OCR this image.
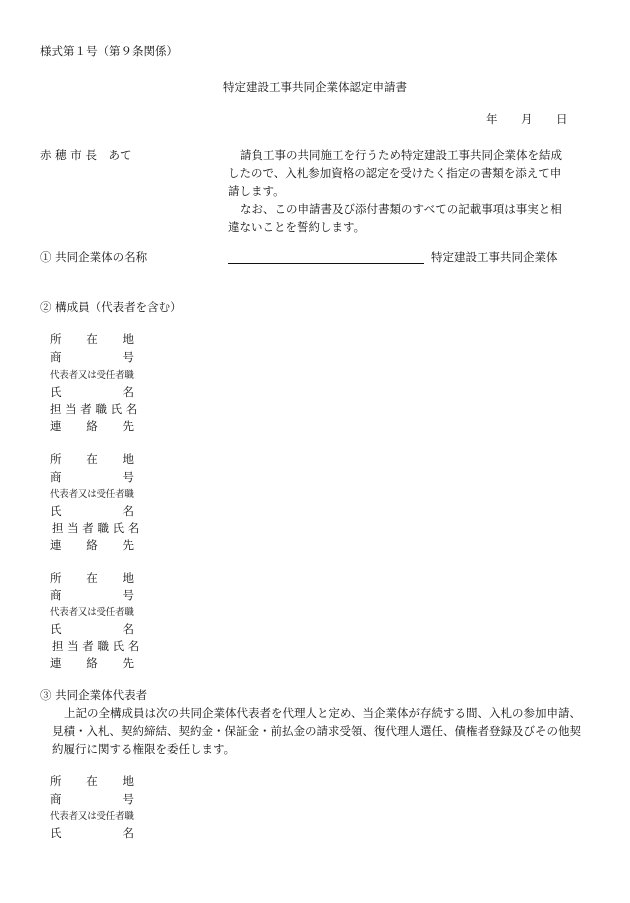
様式第１号（第９条関係）
特定建設工事共同企業体認定申請書
年 月 日
赤 穂 市 長　あて	請負工事の共同施工を行うため特定建設工事共同企業体を結成
したので、入札参加資格の認定を受けたく指定の書類を添えて申
請します。
なお、この申請書及び添付書類のすべての記載事項は事実と相
違ないことを誓約します。
① 共同企業体の名称	特定建設工事共同企業体
② 構成員（代表者を含む）
所 在 地
商	号
代表者又は受任者職
氏	名
担 当 者 職 氏 名
連 絡 先
所 在 地
商	号
代表者又は受任者職
氏	名
担 当 者 職 氏 名
連 絡 先
所 在 地
商	号
代表者又は受任者職
氏	名
担 当 者 職 氏 名
連 絡 先
③ 共同企業体代表者
上記の全構成員は次の共同企業体代表者を代理人と定め、当企業体が存続する間、入札の参加申請、
見積・入札、契約締結、契約金・保証金・前払金の請求受領、復代理人選任、債権者登録及びその他契
約履行に関する権限を委任します。
所 在 地
商	号
代表者又は受任者職
氏	名
